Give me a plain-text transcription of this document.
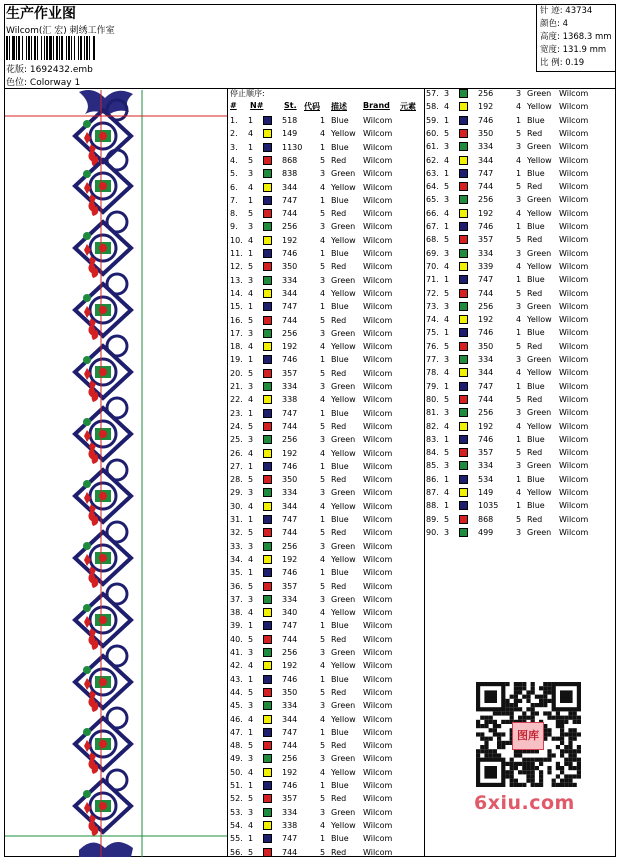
生产作业图
Wilcom(汇 宏) 刺绣工作室
花版: 1692432.emb
色位: Colorway 1
针 迹: 43734
颜色: 4
高度: 1368.3 mm
宽度: 131.9 mm
比 例: 0.19
停止顺序:
# N#	St. 代码 描述 Brand 元素
1. 1	518	1 Blue Wilcom
2. 4	149	4 Yellow Wilcom
3. 1	1130 1 Blue Wilcom
4. 5	868	5 Red Wilcom
5. 3	838	3 Green Wilcom
6. 4	344	4 Yellow Wilcom
7. 1	747	1 Blue Wilcom
8. 5	744	5 Red Wilcom
9. 3	256	3 Green Wilcom
10. 4	192	4 Yellow Wilcom
11. 1	746	1 Blue Wilcom
12. 5	350	5 Red Wilcom
13. 3	334	3 Green Wilcom
14. 4	344	4 Yellow Wilcom
15. 1	747	1 Blue Wilcom
16. 5	744	5 Red Wilcom
17. 3	256	3 Green Wilcom
18. 4	192	4 Yellow Wilcom
19. 1	746	1 Blue Wilcom
20. 5	357	5 Red Wilcom
21. 3	334	3 Green Wilcom
22. 4	338	4 Yellow Wilcom
23. 1	747	1 Blue Wilcom
24. 5	744	5 Red Wilcom
25. 3	256	3 Green Wilcom
26. 4	192	4 Yellow Wilcom
27. 1	746	1 Blue Wilcom
28. 5	350	5 Red Wilcom
29. 3	334	3 Green Wilcom
30. 4	344	4 Yellow Wilcom
31. 1	747	1 Blue Wilcom
32. 5	744	5 Red Wilcom
33. 3	256	3 Green Wilcom
34. 4	192	4 Yellow Wilcom
35. 1	746	1 Blue Wilcom
36. 5	357	5 Red Wilcom
37. 3	334	3 Green Wilcom
38. 4	340	4 Yellow Wilcom
39. 1	747	1 Blue Wilcom
40. 5	744	5 Red Wilcom
41. 3	256	3 Green Wilcom
42. 4	192	4 Yellow Wilcom
43. 1	746	1 Blue Wilcom
44. 5	350	5 Red Wilcom
45. 3	334	3 Green Wilcom
46. 4	344	4 Yellow Wilcom
47. 1	747	1 Blue Wilcom
48. 5	744	5 Red Wilcom
49. 3	256	3 Green Wilcom
50. 4	192	4 Yellow Wilcom
51. 1	746	1 Blue Wilcom
52. 5	357	5 Red Wilcom
53. 3	334	3 Green Wilcom
54. 4	338	4 Yellow Wilcom
55. 1	747	1 Blue Wilcom
56. 5	744	5 Red Wilcom
57. 3	256	3 Green Wilcom
58. 4	192	4 Yellow Wilcom
59. 1	746	1 Blue Wilcom
60. 5	350	5 Red Wilcom
61. 3	334	3 Green Wilcom
62. 4	344	4 Yellow Wilcom
63. 1	747	1 Blue Wilcom
64. 5	744	5 Red Wilcom
65. 3	256	3 Green Wilcom
66. 4	192	4 Yellow Wilcom
67. 1	746	1 Blue Wilcom
68. 5	357	5 Red Wilcom
69. 3	334	3 Green Wilcom
70. 4	339	4 Yellow Wilcom
71. 1	747	1 Blue Wilcom
72. 5	744	5 Red Wilcom
73. 3	256	3 Green Wilcom
74. 4	192	4 Yellow Wilcom
75. 1	746	1 Blue Wilcom
76. 5	350	5 Red Wilcom
77. 3	334	3 Green Wilcom
78. 4	344	4 Yellow Wilcom
79. 1	747	1 Blue Wilcom
80. 5	744	5 Red Wilcom
81. 3	256	3 Green Wilcom
82. 4	192	4 Yellow Wilcom
83. 1	746	1 Blue Wilcom
84. 5	357	5 Red Wilcom
85. 3	334	3 Green Wilcom
86. 1	534	1 Blue Wilcom
87. 4	149	4 Yellow Wilcom
88. 1	1035 1 Blue Wilcom
89. 5	868	5 Red Wilcom
90. 3	499	3 Green Wilcom
图库
6xiu.com
